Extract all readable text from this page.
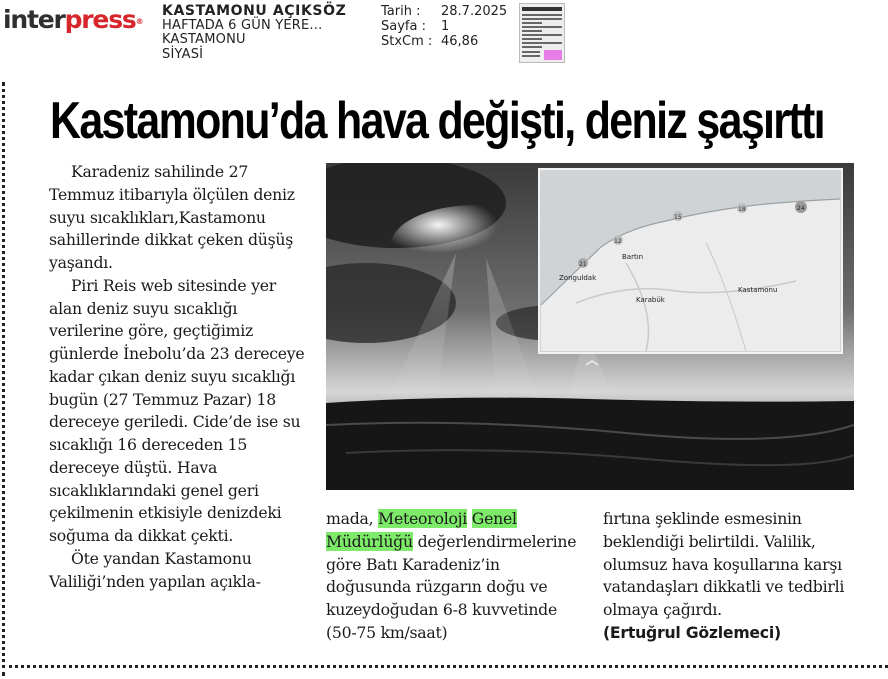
interpress®
KASTAMONU AÇIKSÖZ
HAFTADA 6 GÜN YERE...
KASTAMONU
SİYASİ
Tarih :
Sayfa :
StxCm :
28.7.2025
1
46,86
Kastamonu’da hava değişti, deniz şaşırttı

Karadeniz sahilinde 27 Temmuz itibarıyla ölçülen deniz suyu sıcaklıkları,Kastamonu sahillerinde dikkat çeken düşüş yaşandı.

Piri Reis web sitesinde yer alan deniz suyu sıcaklığı verilerine göre, geçtiğimiz günlerde İnebolu’da 23 dereceye kadar çıkan deniz suyu sıcaklığı bugün (27 Temmuz Pazar) 18 dereceye geriledi. Cide’de ise su sıcaklığı 16 dereceden 15 dereceye düştü. Hava sıcaklıklarındaki genel geri çekilmenin etkisiyle denizdeki soğuma da dikkat çekti.

Öte yandan Kastamonu Valiliği’nden yapılan açıkla-

mada, Meteoroloji Genel Müdürlüğü değerlendirmelerine göre Batı Karadeniz’in doğusunda rüzgarın doğu ve kuzeydoğudan 6-8 kuvvetinde (50-75 km/saat)

fırtına şeklinde esmesinin beklendiği belirtildi. Valilik, olumsuz hava koşullarına karşı vatandaşları dikkatli ve tedbirli olmaya çağırdı.

(Ertuğrul Gözlemeci)

21
12
15
18	24
Bartın
Zonguldak
Karabük
Kastamonu
